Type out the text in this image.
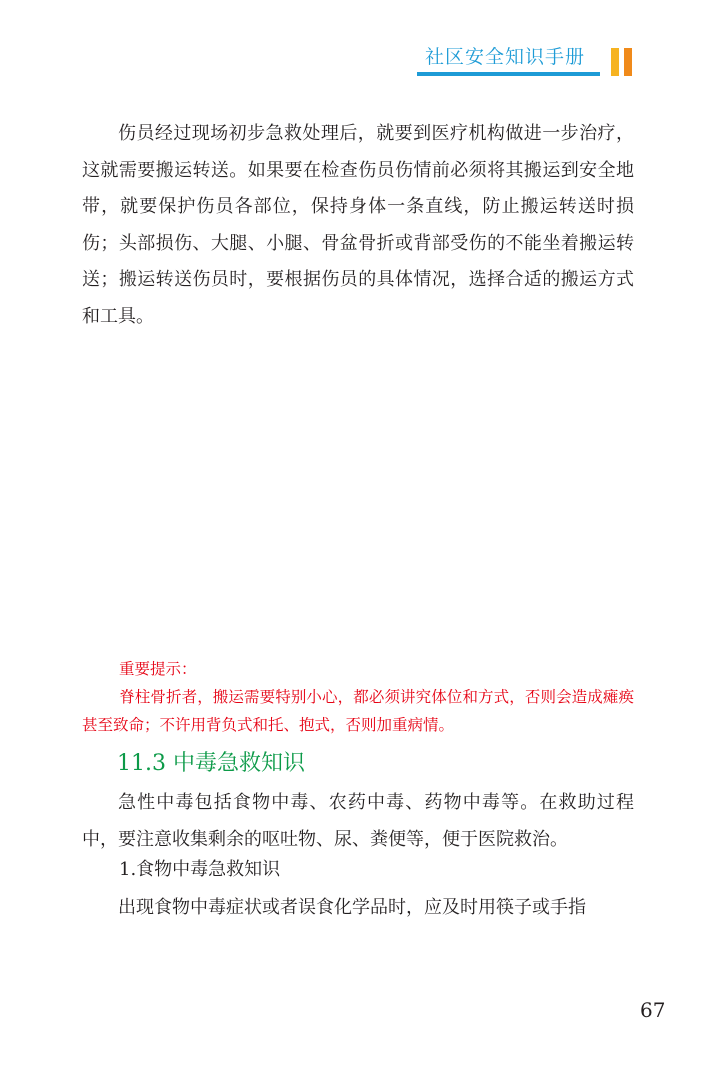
社区安全知识手册

伤员经过现场初步急救处理后，就要到医疗机构做进一步治疗，这就需要搬运转送。如果要在检查伤员伤情前必须将其搬运到安全地带，就要保护伤员各部位，保持身体一条直线，防止搬运转送时损伤；头部损伤、大腿、小腿、骨盆骨折或背部受伤的不能坐着搬运转送；搬运转送伤员时，要根据伤员的具体情况，选择合适的搬运方式和工具。

重要提示：

脊柱骨折者，搬运需要特别小心，都必须讲究体位和方式，否则会造成瘫痪甚至致命；不许用背负式和托、抱式，否则加重病情。

11.3 中毒急救知识

急性中毒包括食物中毒、农药中毒、药物中毒等。在救助过程中，要注意收集剩余的呕吐物、尿、粪便等，便于医院救治。

1.食物中毒急救知识

出现食物中毒症状或者误食化学品时，应及时用筷子或手指

67
